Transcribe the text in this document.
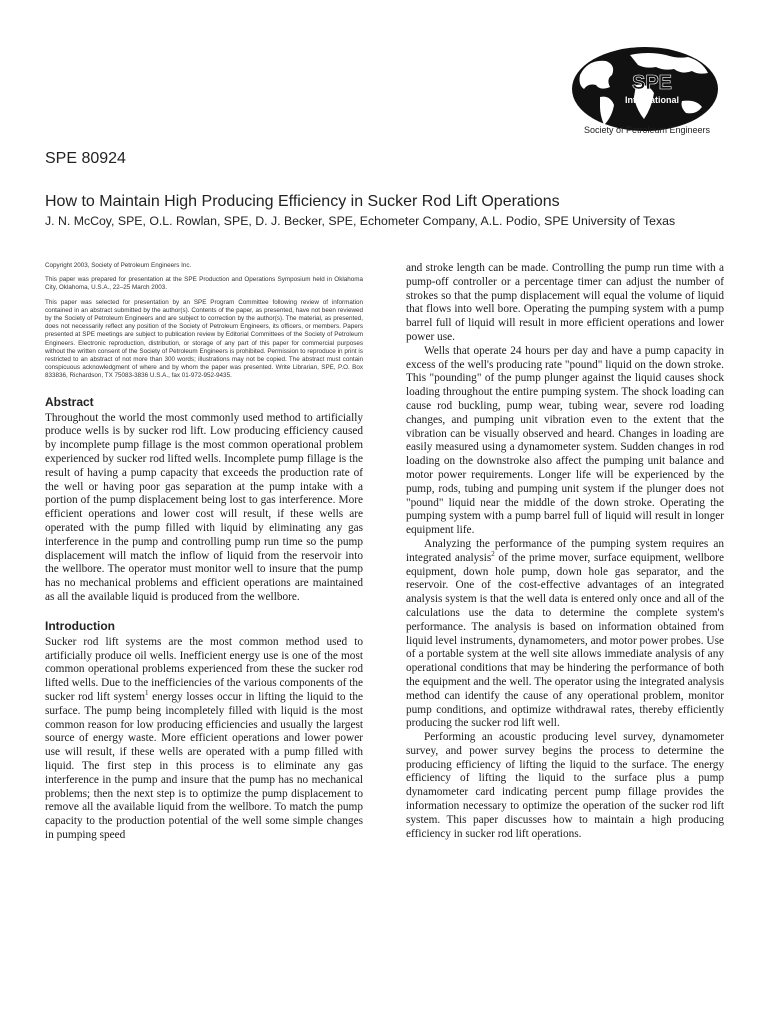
SPE
International
Society of Petroleum Engineers
SPE 80924
How to Maintain High Producing Efficiency in Sucker Rod Lift Operations
J. N. McCoy, SPE, O.L. Rowlan, SPE, D. J. Becker, SPE, Echometer Company, A.L. Podio, SPE University of Texas

Copyright 2003, Society of Petroleum Engineers Inc.

This paper was prepared for presentation at the SPE Production and Operations Symposium held in Oklahoma City, Oklahoma, U.S.A., 22–25 March 2003.

This paper was selected for presentation by an SPE Program Committee following review of information contained in an abstract submitted by the author(s). Contents of the paper, as presented, have not been reviewed by the Society of Petroleum Engineers and are subject to correction by the author(s). The material, as presented, does not necessarily reflect any position of the Society of Petroleum Engineers, its officers, or members. Papers presented at SPE meetings are subject to publication review by Editorial Committees of the Society of Petroleum Engineers. Electronic reproduction, distribution, or storage of any part of this paper for commercial purposes without the written consent of the Society of Petroleum Engineers is prohibited. Permission to reproduce in print is restricted to an abstract of not more than 300 words; illustrations may not be copied. The abstract must contain conspicuous acknowledgment of where and by whom the paper was presented. Write Librarian, SPE, P.O. Box 833836, Richardson, TX 75083-3836 U.S.A., fax 01-972-952-9435.

Abstract

Throughout the world the most commonly used method to artificially produce wells is by sucker rod lift. Low producing efficiency caused by incomplete pump fillage is the most common operational problem experienced by sucker rod lifted wells. Incomplete pump fillage is the result of having a pump capacity that exceeds the production rate of the well or having poor gas separation at the pump intake with a portion of the pump displacement being lost to gas interference. More efficient operations and lower cost will result, if these wells are operated with the pump filled with liquid by eliminating any gas interference in the pump and controlling pump run time so the pump displacement will match the inflow of liquid from the reservoir into the wellbore. The operator must monitor well to insure that the pump has no mechanical problems and efficient operations are maintained as all the available liquid is produced from the wellbore.

Introduction

Sucker rod lift systems are the most common method used to artificially produce oil wells. Inefficient energy use is one of the most common operational problems experienced from these the sucker rod lifted wells. Due to the inefficiencies of the various components of the sucker rod lift system$^1$ energy losses occur in lifting the liquid to the surface. The pump being incompletely filled with liquid is the most common reason for low producing efficiencies and usually the largest source of energy waste. More efficient operations and lower power use will result, if these wells are operated with a pump filled with liquid. The first step in this process is to eliminate any gas interference in the pump and insure that the pump has no mechanical problems; then the next step is to optimize the pump displacement to remove all the available liquid from the wellbore. To match the pump capacity to the production potential of the well some simple changes in pumping speed

and stroke length can be made. Controlling the pump run time with a pump-off controller or a percentage timer can adjust the number of strokes so that the pump displacement will equal the volume of liquid that flows into well bore. Operating the pumping system with a pump barrel full of liquid will result in more efficient operations and lower power use.

Wells that operate 24 hours per day and have a pump capacity in excess of the well's producing rate "pound" liquid on the down stroke. This "pounding" of the pump plunger against the liquid causes shock loading throughout the entire pumping system. The shock loading can cause rod buckling, pump wear, tubing wear, severe rod loading changes, and pumping unit vibration even to the extent that the vibration can be visually observed and heard. Changes in loading are easily measured using a dynamometer system. Sudden changes in rod loading on the downstroke also affect the pumping unit balance and motor power requirements. Longer life will be experienced by the pump, rods, tubing and pumping unit system if the plunger does not "pound" liquid near the middle of the down stroke. Operating the pumping system with a pump barrel full of liquid will result in longer equipment life.

Analyzing the performance of the pumping system requires an integrated analysis$^2$ of the prime mover, surface equipment, wellbore equipment, down hole pump, down hole gas separator, and the reservoir. One of the cost-effective advantages of an integrated analysis system is that the well data is entered only once and all of the calculations use the data to determine the complete system's performance. The analysis is based on information obtained from liquid level instruments, dynamometers, and motor power probes. Use of a portable system at the well site allows immediate analysis of any operational conditions that may be hindering the performance of both the equipment and the well. The operator using the integrated analysis method can identify the cause of any operational problem, monitor pump conditions, and optimize withdrawal rates, thereby efficiently producing the sucker rod lift well.

Performing an acoustic producing level survey, dynamometer survey, and power survey begins the process to determine the producing efficiency of lifting the liquid to the surface. The energy efficiency of lifting the liquid to the surface plus a pump dynamometer card indicating percent pump fillage provides the information necessary to optimize the operation of the sucker rod lift system. This paper discusses how to maintain a high producing efficiency in sucker rod lift operations.
